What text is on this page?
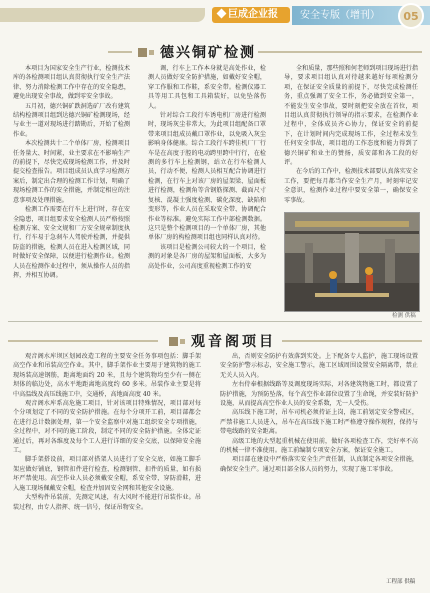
巨成企业报	安全专版（增刊）	05
德兴铜矿检测

本项目为国家安全生产行业，检测技术库的各检测项目组认真贯彻执行安全生产法律、努力消除检测工作中存在的安全隐患，避免出现安全事故，做到零安全事故。

五月初，德兴铜矿跌洞选矿厂改有建筑结构检测项目组到达德兴铜矿检测现场，经与业主一道对现场进行踏勘后，开始了检测作业。

本次检测共十二个单体厂房，检测项目任务量大、时间紧，业主要求在不影响生产的前提下，尽快完成现场检测工作，并及时提交检查报告。项目组成员认真学习检测方案后，制定出合理的检测工作计划，明确了现场检测工作的安全措施，并制定相应的注意事项及处理措施。

检测工作需要在行车上进行时，存在安全隐患，项目组要求安全检测人员严格按照检测方案、安全文规和厂方安全规章制度执行，行车易于急刹车人驾驶并检测，并提供防盗的措施，检测人员在进入检测区域，同时做好安全保障，以便进行检测作业。检测人员在检测作业过程中，须从操作人员的指挥，并相互协调。

调，行车上工作本身就是高处作业，检测人员做好安全防护措施，如戴好安全帽，穿工作服和工作鞋，系安全带。检测仪器工具等用工具包和工具箱装好，以免坠落伤人。

针对综合工段行车诱电机厂房进行检测时，现场灰尘非常大，为此项目组配备口罩带来项目组成员戴口罩作业，以免吸入灰尘影响身体健康。综合工段行车跨佳机厂厂行车是在高度于腔的电动跨里跨中行行，在检测的多行车上检测钢，站立在行车检测人员，行动不便，检测人员相互配合协调进行检测，在行车上对该厂房的屋架梁、屋面板进行检测，检测角等含钢筋探测、截面尺寸复核、混凝土强度检测、碳化深度、缺陷和变形等，作业人员在采取安全带、协调配合作业等标准。避免实际工作中部检测数据。这只是整个检测项目的一个单体厂房，其他单体厂房的构检测项目组也同样认真对待。

该项目是检测公司较大的一个项目，检测的对象是各厂房的屋架和屋面板，大多为高处作业，公司高度重视检测工作的安

全和质量，那些照和何老师到项目现场进行指导，要求项目组认真对待越来越好每项检测分项，在保证安全质量的前提下，尽快完成检测任务，重点强调了安全工作，务必做到安全第一，不能发生安全事故，要时刻把安全放在首位，项目组认真贯彻执行领导的指示要求，在检测作业过程中，全体成员齐心协力，保证安全的前提下，在计划时间内完成现场工作，全过程未发生任何安全事故，项目组的工作态度和能力得到了德兴铜矿和业主的赞扬，质安部和各工段的好评。

在今后的工作中，检测技术部要认真落实安全工作，要把每月都当作安全生产月，时刻牢记安全意识，检测作业过程中要安全第一，确保安全零事故。

检测 供稿
观音阁项目

观音阁水库坝区划园改造工程的主要安全任务事项包括：脚手架高空作业和吊装高空作业。其中，脚手架作业主要用于建筑物的施工现场装高速钢筋，距离地面约 20 米，且每个建筑物均至少有一侧在坝体的临边处，高水平地距离地高度约 60 多米。吊装作业主要是将中高温线及高压线施工中，交通桥，高地面高度 40 米。

观音阁水库系高危施工项目，针对该项目特殊情况，项目部对每个分项划定了不同的安全防护措施。在每个分项开工前，项目部都会在进行总计数据处理，第一个安全监察中对施工组织安全专项措施，全过程中，对不同的施工阶段，制定不同的安全防护措施。全体定证通过后，再对各维度及每个工人进行详细的安全交底，以保障安全施工。

脚手架搭设前，项目部对搭架人员进行了安全交底，如施工脚手架应做好铺底，钢管扣件进行检查，检测钢管、扣件的质量，如有损坏严禁使用。高空作业人员必须戴安全帽，系安全带，穿防滑鞋，进入施工现场佩戴安全帽，检查并加固安全网和其他安全设施。

大型构件吊装前，先测定风速，有大风时不能进行吊装作业。吊装过程，由专人指挥、统一信号，保证吊物安全。

出，否则安全防护有效落到实处。上下配备专人监护，施工现场设置安全防护警示标志，安全施工警示，施工区域周围设置安全隔离带，禁止无关人员入内。

左右侍奉根据线路等及调度现场实际，对各建筑物施工时，都设置了防护措施，为预防坠落，每个高空作业部位设置了生命绳，并安装好防护设施，从而提高高空作业人员的安全系数，无一人受伤。

高压线下施工时，吊车司机必须持证上岗，施工前划定安全警戒区，严禁非施工人员进入，吊车在高压线下施工时严格遵守操作规程，保持与带电线路的安全距离。

高级工地的大型起重机械在使用前，做好各项检查工作，完好率不高的机械一律不准使用。施工前编制专项安全方案，保证安全施工。

项目部在建设中严格落实安全生产责任制，认真制定各项安全措施，确保安全生产。通过项目部全体人员的努力，实现了施工零事故。

工程部 供稿
